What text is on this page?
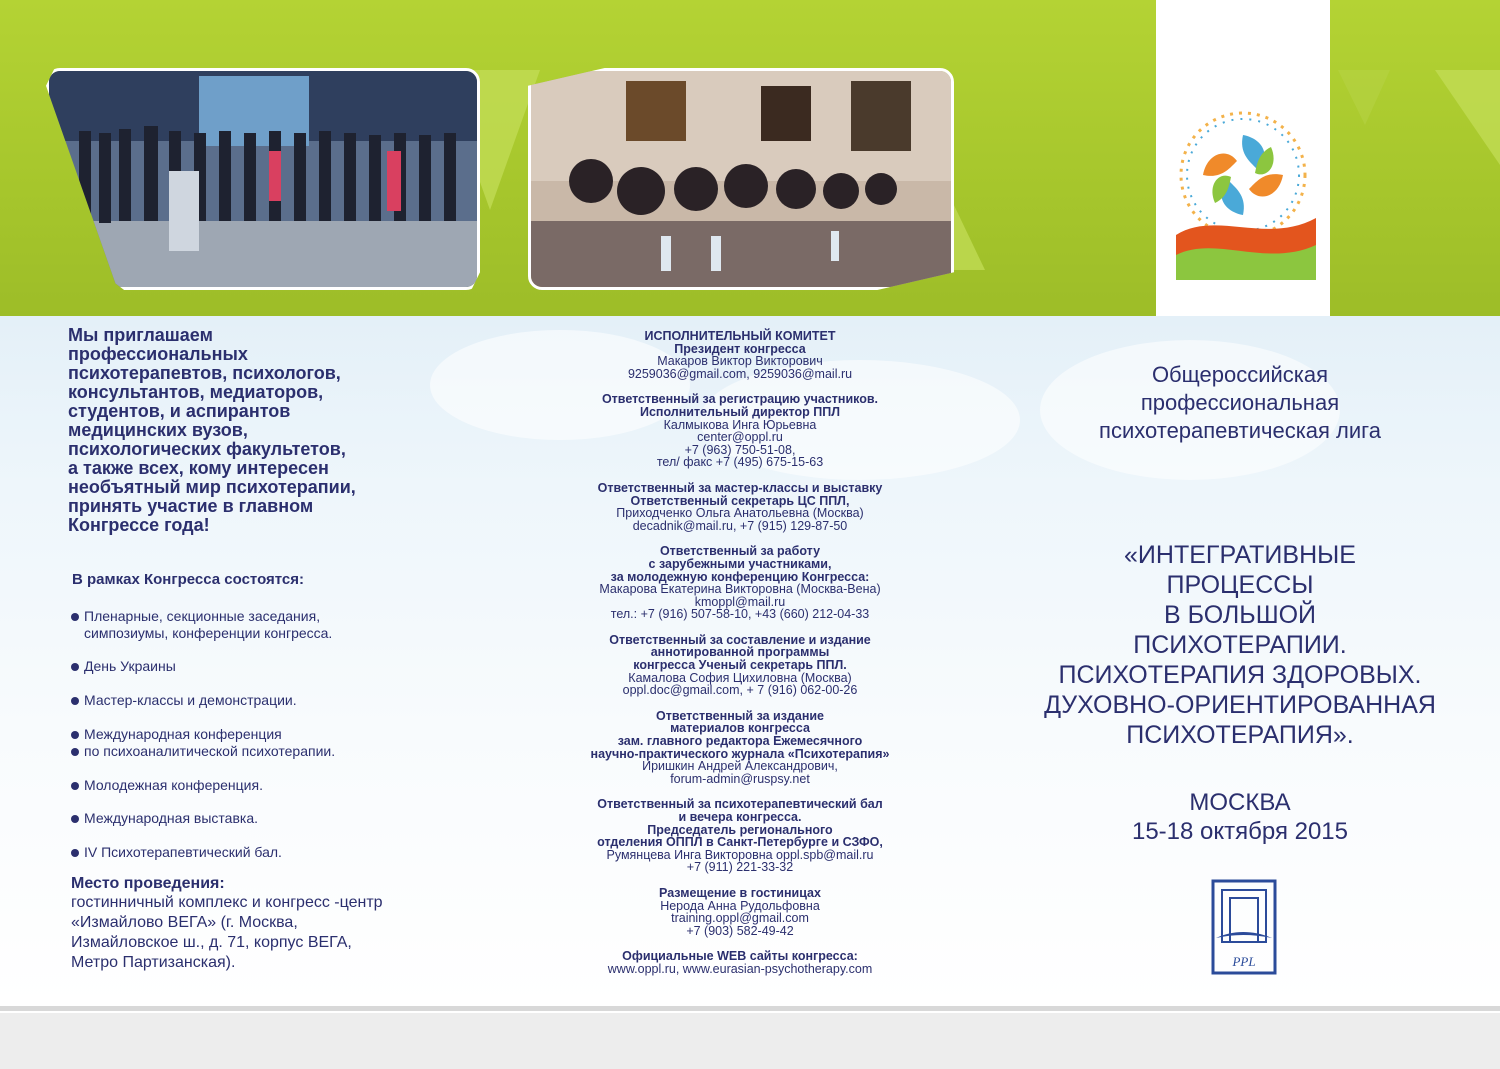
Мы приглашаем
профессиональных
психотерапевтов, психологов,
консультантов, медиаторов,
студентов, и аспирантов
медицинских вузов,
психологических факультетов,
а также всех, кому интересен
необъятный мир психотерапии,
принять участие в главном
Конгрессе года!
В рамках Конгресса состоятся:
Пленарные, секционные заседания,
симпозиумы, конференции конгресса.
День Украины
Мастер-классы и демонстрации.
Международная конференция
по психоаналитической психотерапии.
Молодежная конференция.
Международная выставка.
IV Психотерапевтический бал.
Место проведения:
гостинничный комплекс и конгресс -центр
«Измайлово ВЕГА» (г. Москва,
Измайловское ш., д. 71, корпус ВЕГА,
Метро Партизанская).
ИСПОЛНИТЕЛЬНЫЙ КОМИТЕТ
Президент конгресса
Макаров Виктор Викторович
9259036@gmail.com, 9259036@mail.ru
Ответственный за регистрацию участников.
Исполнительный директор ППЛ
Калмыкова Инга Юрьевна
center@oppl.ru
+7 (963) 750-51-08,
тел/ факс +7 (495) 675-15-63
Ответственный за мастер-классы и выставку
Ответственный секретарь ЦС ППЛ,
Приходченко Ольга Анатольевна (Москва)
decadnik@mail.ru, +7 (915) 129-87-50
Ответственный за работу
с зарубежными участниками,
за молодежную конференцию Конгресса:
Макарова Екатерина Викторовна (Москва-Вена)
kmoppl@mail.ru
тел.: +7 (916) 507-58-10, +43 (660) 212-04-33
Ответственный за составление и издание
аннотированной программы
конгресса Ученый секретарь ППЛ.
Камалова София Цихиловна (Москва)
oppl.doc@gmail.com, + 7 (916) 062-00-26
Ответственный за издание
материалов конгресса
зам. главного редактора Ежемесячного
научно-практического журнала «Психотерапия»
Иришкин Андрей Александрович,
forum-admin@ruspsy.net
Ответственный за психотерапевтический бал
и вечера конгресса.
Председатель регионального
отделения ОППЛ в Санкт-Петербурге и СЗФО,
Румянцева Инга Викторовна oppl.spb@mail.ru
+7 (911) 221-33-32
Размещение в гостиницах
Нерода Анна Рудольфовна
training.oppl@gmail.com
+7 (903) 582-49-42
Официальные WEB сайты конгресса:
www.oppl.ru, www.eurasian-psychotherapy.com
Общероссийская
профессиональная
психотерапевтическая лига
«ИНТЕГРАТИВНЫЕ
ПРОЦЕССЫ
В БОЛЬШОЙ
ПСИХОТЕРАПИИ.
ПСИХОТЕРАПИЯ ЗДОРОВЫХ.
ДУХОВНО-ОРИЕНТИРОВАННАЯ
ПСИХОТЕРАПИЯ».
МОСКВА
15-18 октября 2015
PPL
